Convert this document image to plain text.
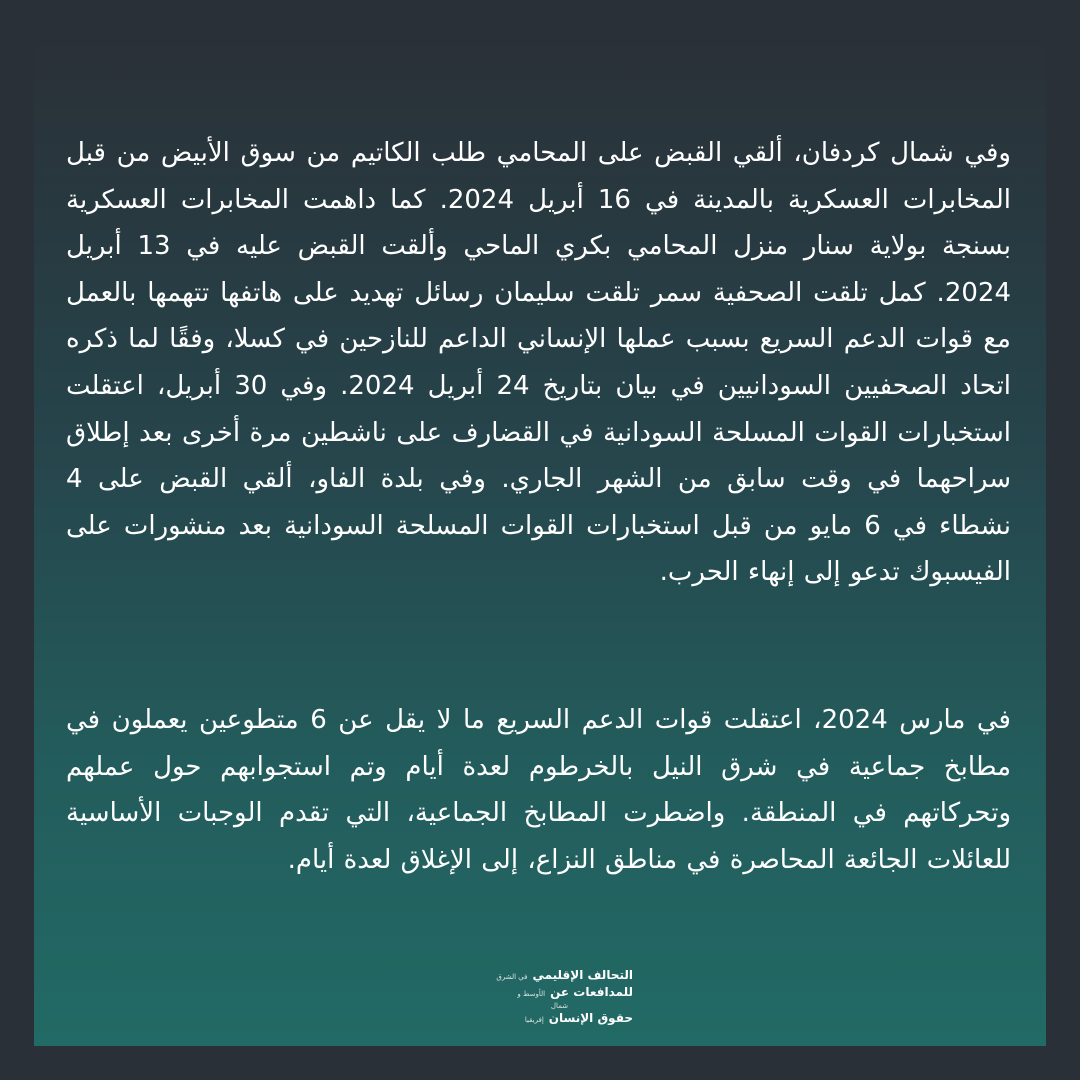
وفي شمال كردفان، ألقي القبض على المحامي طلب الكاتيم من سوق الأبيض من قبل المخابرات العسكرية بالمدينة في 16 أبريل 2024. كما داهمت المخابرات العسكرية بسنجة بولاية سنار منزل المحامي بكري الماحي وألقت القبض عليه في 13 أبريل 2024. كمل تلقت الصحفية سمر تلقت سليمان رسائل تهديد على هاتفها تتهمها بالعمل مع قوات الدعم السريع بسبب عملها الإنساني الداعم للنازحين في كسلا، وفقًا لما ذكره اتحاد الصحفيين السودانيين في بيان بتاريخ 24 أبريل 2024. وفي 30 أبريل، اعتقلت استخبارات القوات المسلحة السودانية في القضارف على ناشطين مرة أخرى بعد إطلاق سراحهما في وقت سابق من الشهر الجاري. وفي بلدة الفاو، ألقي القبض على 4 نشطاء في 6 مايو من قبل استخبارات القوات المسلحة السودانية بعد منشورات على الفيسبوك تدعو إلى إنهاء الحرب.

في مارس 2024، اعتقلت قوات الدعم السريع ما لا يقل عن 6 متطوعين يعملون في مطابخ جماعية في شرق النيل بالخرطوم لعدة أيام وتم استجوابهم حول عملهم وتحركاتهم في المنطقة. واضطرت المطابخ الجماعية، التي تقدم الوجبات الأساسية للعائلات الجائعة المحاصرة في مناطق النزاع، إلى الإغلاق لعدة أيام.

التحالف الإقليمي
في الشرق
للمدافعات عن
الأوسط و
شمال
حقوق الإنسان
إفريقيا
